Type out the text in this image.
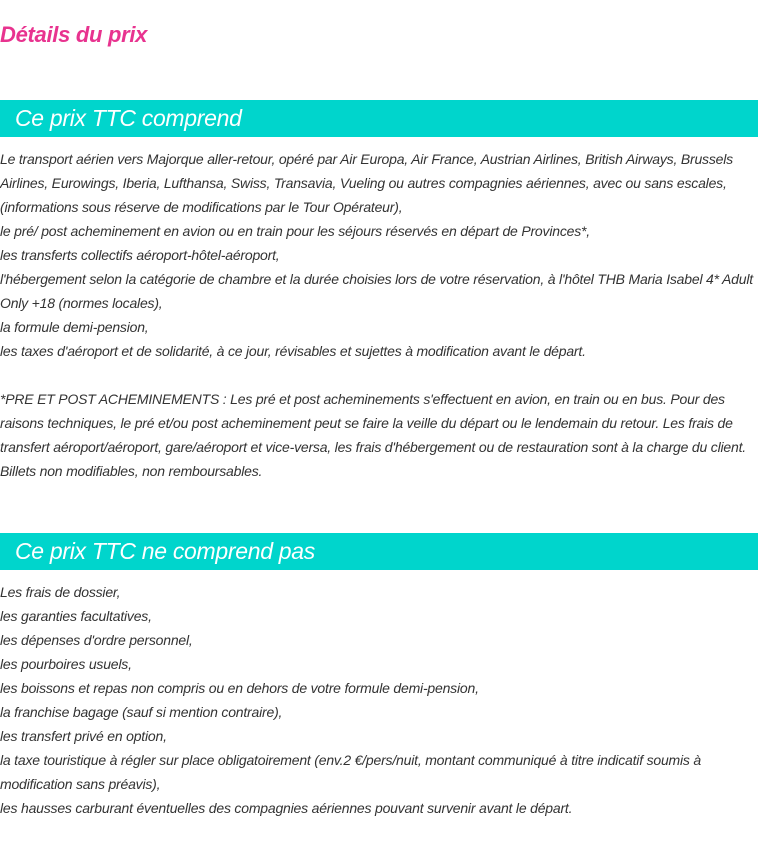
Détails du prix
Ce prix TTC comprend
Le transport aérien vers Majorque aller-retour, opéré par Air Europa, Air France, Austrian Airlines, British Airways, Brussels Airlines, Eurowings, Iberia, Lufthansa, Swiss, Transavia, Vueling ou autres compagnies aériennes, avec ou sans escales, (informations sous réserve de modifications par le Tour Opérateur),
le pré/ post acheminement en avion ou en train pour les séjours réservés en départ de Provinces*,
les transferts collectifs aéroport-hôtel-aéroport,
l'hébergement selon la catégorie de chambre et la durée choisies lors de votre réservation, à l'hôtel THB Maria Isabel 4* Adult Only +18 (normes locales),
la formule demi-pension,
les taxes d'aéroport et de solidarité, à ce jour, révisables et sujettes à modification avant le départ.

*PRE ET POST ACHEMINEMENTS : Les pré et post acheminements s'effectuent en avion, en train ou en bus. Pour des raisons techniques, le pré et/ou post acheminement peut se faire la veille du départ ou le lendemain du retour. Les frais de transfert aéroport/aéroport, gare/aéroport et vice-versa, les frais d'hébergement ou de restauration sont à la charge du client. Billets non modifiables, non remboursables.

Ce prix TTC ne comprend pas
Les frais de dossier,
les garanties facultatives,
les dépenses d'ordre personnel,
les pourboires usuels,
les boissons et repas non compris ou en dehors de votre formule demi-pension,
la franchise bagage (sauf si mention contraire),
les transfert privé en option,
la taxe touristique à régler sur place obligatoirement (env.2 €/pers/nuit, montant communiqué à titre indicatif soumis à modification sans préavis),
les hausses carburant éventuelles des compagnies aériennes pouvant survenir avant le départ.
